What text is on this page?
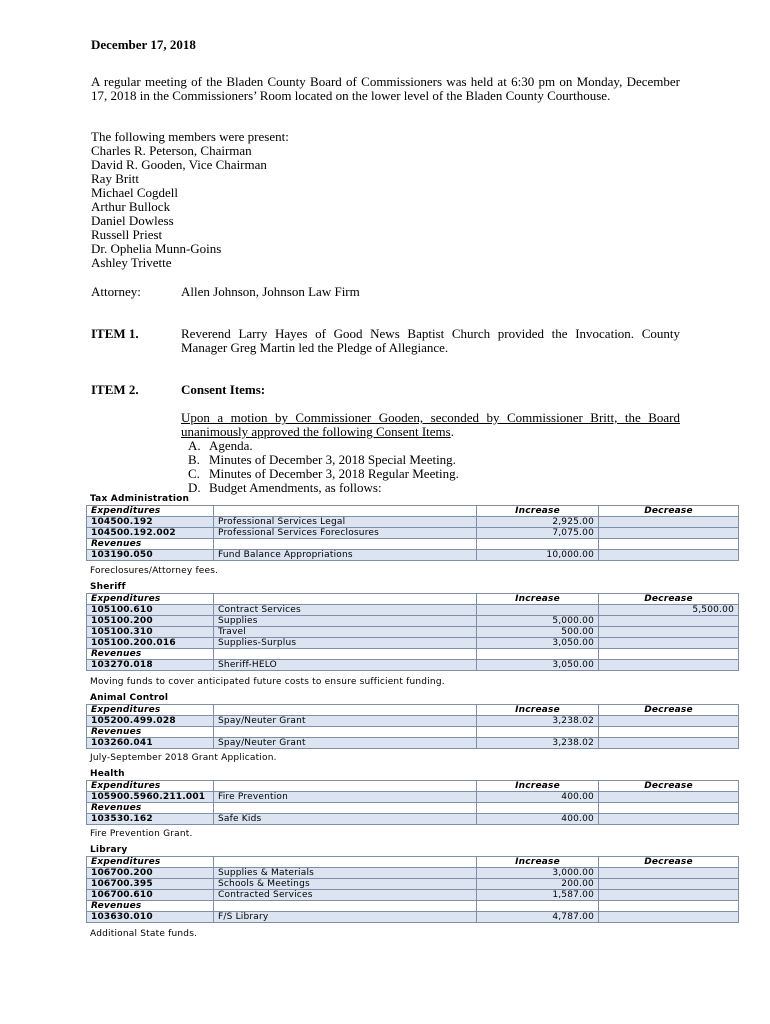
December 17, 2018
A regular meeting of the Bladen County Board of Commissioners was held at 6:30 pm on Monday, December 17, 2018 in the Commissioners’ Room located on the lower level of the Bladen County Courthouse.
The following members were present:
Charles R. Peterson, Chairman
David R. Gooden, Vice Chairman
Ray Britt
Michael Cogdell
Arthur Bullock
Daniel Dowless
Russell Priest
Dr. Ophelia Munn-Goins
Ashley Trivette
Attorney:	Allen Johnson, Johnson Law Firm
ITEM 1.	Reverend Larry Hayes of Good News Baptist Church provided the Invocation. County Manager Greg Martin led the Pledge of Allegiance.
ITEM 2.	Consent Items:
Upon a motion by Commissioner Gooden, seconded by Commissioner Britt, the Board unanimously approved the following Consent Items.
A. Agenda.
B. Minutes of December 3, 2018 Special Meeting.
C. Minutes of December 3, 2018 Regular Meeting.
D. Budget Amendments, as follows:
Tax Administration
Expenditures		Increase	Decrease
104500.192	Professional Services Legal	2,925.00	
104500.192.002	Professional Services Foreclosures	7,075.00	
Revenues			
103190.050	Fund Balance Appropriations	10,000.00	
Foreclosures/Attorney fees.
Sheriff
Expenditures		Increase	Decrease
105100.610	Contract Services		5,500.00
105100.200	Supplies	5,000.00	
105100.310	Travel	500.00	
105100.200.016	Supplies-Surplus	3,050.00	
Revenues			
103270.018	Sheriff-HELO	3,050.00	
Moving funds to cover anticipated future costs to ensure sufficient funding.
Animal Control
Expenditures		Increase	Decrease
105200.499.028	Spay/Neuter Grant	3,238.02	
Revenues			
103260.041	Spay/Neuter Grant	3,238.02	
July-September 2018 Grant Application.
Health
Expenditures		Increase	Decrease
105900.5960.211.001	Fire Prevention	400.00	
Revenues			
103530.162	Safe Kids	400.00	
Fire Prevention Grant.
Library
Expenditures		Increase	Decrease
106700.200	Supplies & Materials	3,000.00	
106700.395	Schools & Meetings	200.00	
106700.610	Contracted Services	1,587.00	
Revenues			
103630.010	F/S Library	4,787.00	
Additional State funds.
